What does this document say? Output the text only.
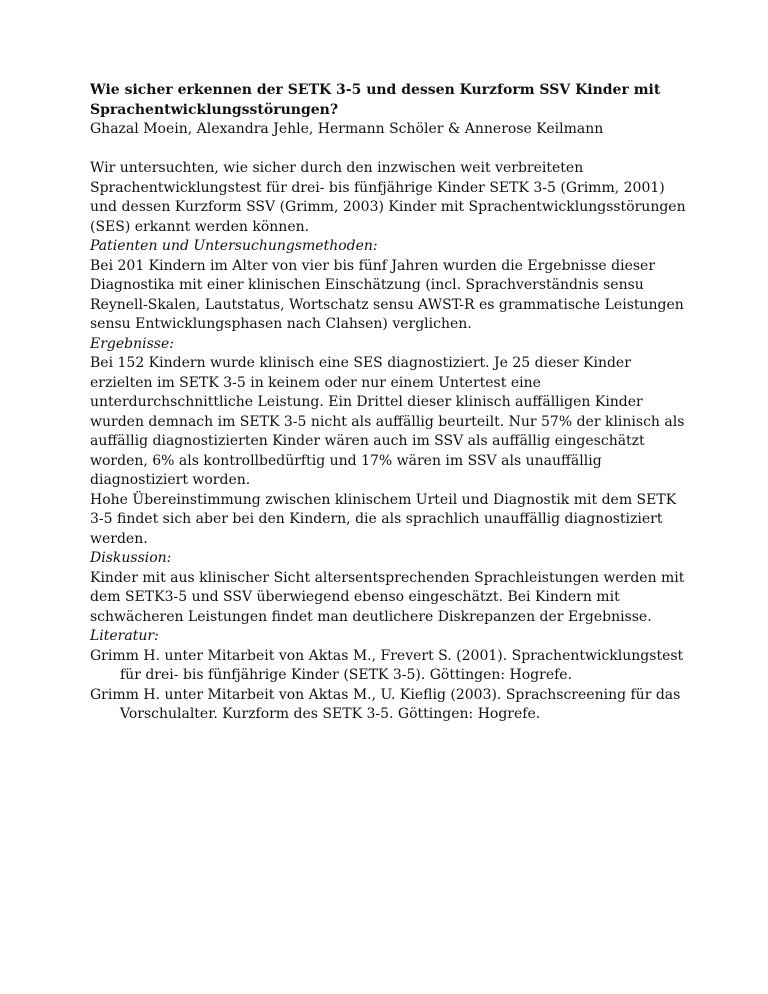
Wie sicher erkennen der SETK 3-5 und dessen Kurzform SSV Kinder mit Sprachentwicklungsstörungen?

Ghazal Moein, Alexandra Jehle, Hermann Schöler & Annerose Keilmann

Wir untersuchten, wie sicher durch den inzwischen weit verbreiteten Sprachentwicklungstest für drei- bis fünfjährige Kinder SETK 3-5 (Grimm, 2001) und dessen Kurzform SSV (Grimm, 2003) Kinder mit Sprachentwicklungsstörungen (SES) erkannt werden können.

Patienten und Untersuchungsmethoden:

Bei 201 Kindern im Alter von vier bis fünf Jahren wurden die Ergebnisse dieser Diagnostika mit einer klinischen Einschätzung (incl. Sprachverständnis sensu Reynell-Skalen, Lautstatus, Wortschatz sensu AWST-R es grammatische Leistungen sensu Entwicklungsphasen nach Clahsen) verglichen.

Ergebnisse:

Bei 152 Kindern wurde klinisch eine SES diagnostiziert. Je 25 dieser Kinder erzielten im SETK 3-5 in keinem oder nur einem Untertest eine unterdurchschnittliche Leistung. Ein Drittel dieser klinisch auffälligen Kinder wurden demnach im SETK 3-5 nicht als auffällig beurteilt. Nur 57% der klinisch als auffällig diagnostizierten Kinder wären auch im SSV als auffällig eingeschätzt worden, 6% als kontrollbedürftig und 17% wären im SSV als unauffällig diagnostiziert worden.

Hohe Übereinstimmung zwischen klinischem Urteil und Diagnostik mit dem SETK 3-5 findet sich aber bei den Kindern, die als sprachlich unauffällig diagnostiziert werden.

Diskussion:

Kinder mit aus klinischer Sicht altersentsprechenden Sprachleistungen werden mit dem SETK3-5 und SSV überwiegend ebenso eingeschätzt. Bei Kindern mit schwächeren Leistungen findet man deutlichere Diskrepanzen der Ergebnisse.

Literatur:

Grimm H. unter Mitarbeit von Aktas M., Frevert S. (2001). Sprachentwicklungstest für drei- bis fünfjährige Kinder (SETK 3-5). Göttingen: Hogrefe.

Grimm H. unter Mitarbeit von Aktas M., U. Kieflig (2003). Sprachscreening für das Vorschulalter. Kurzform des SETK 3-5. Göttingen: Hogrefe.
